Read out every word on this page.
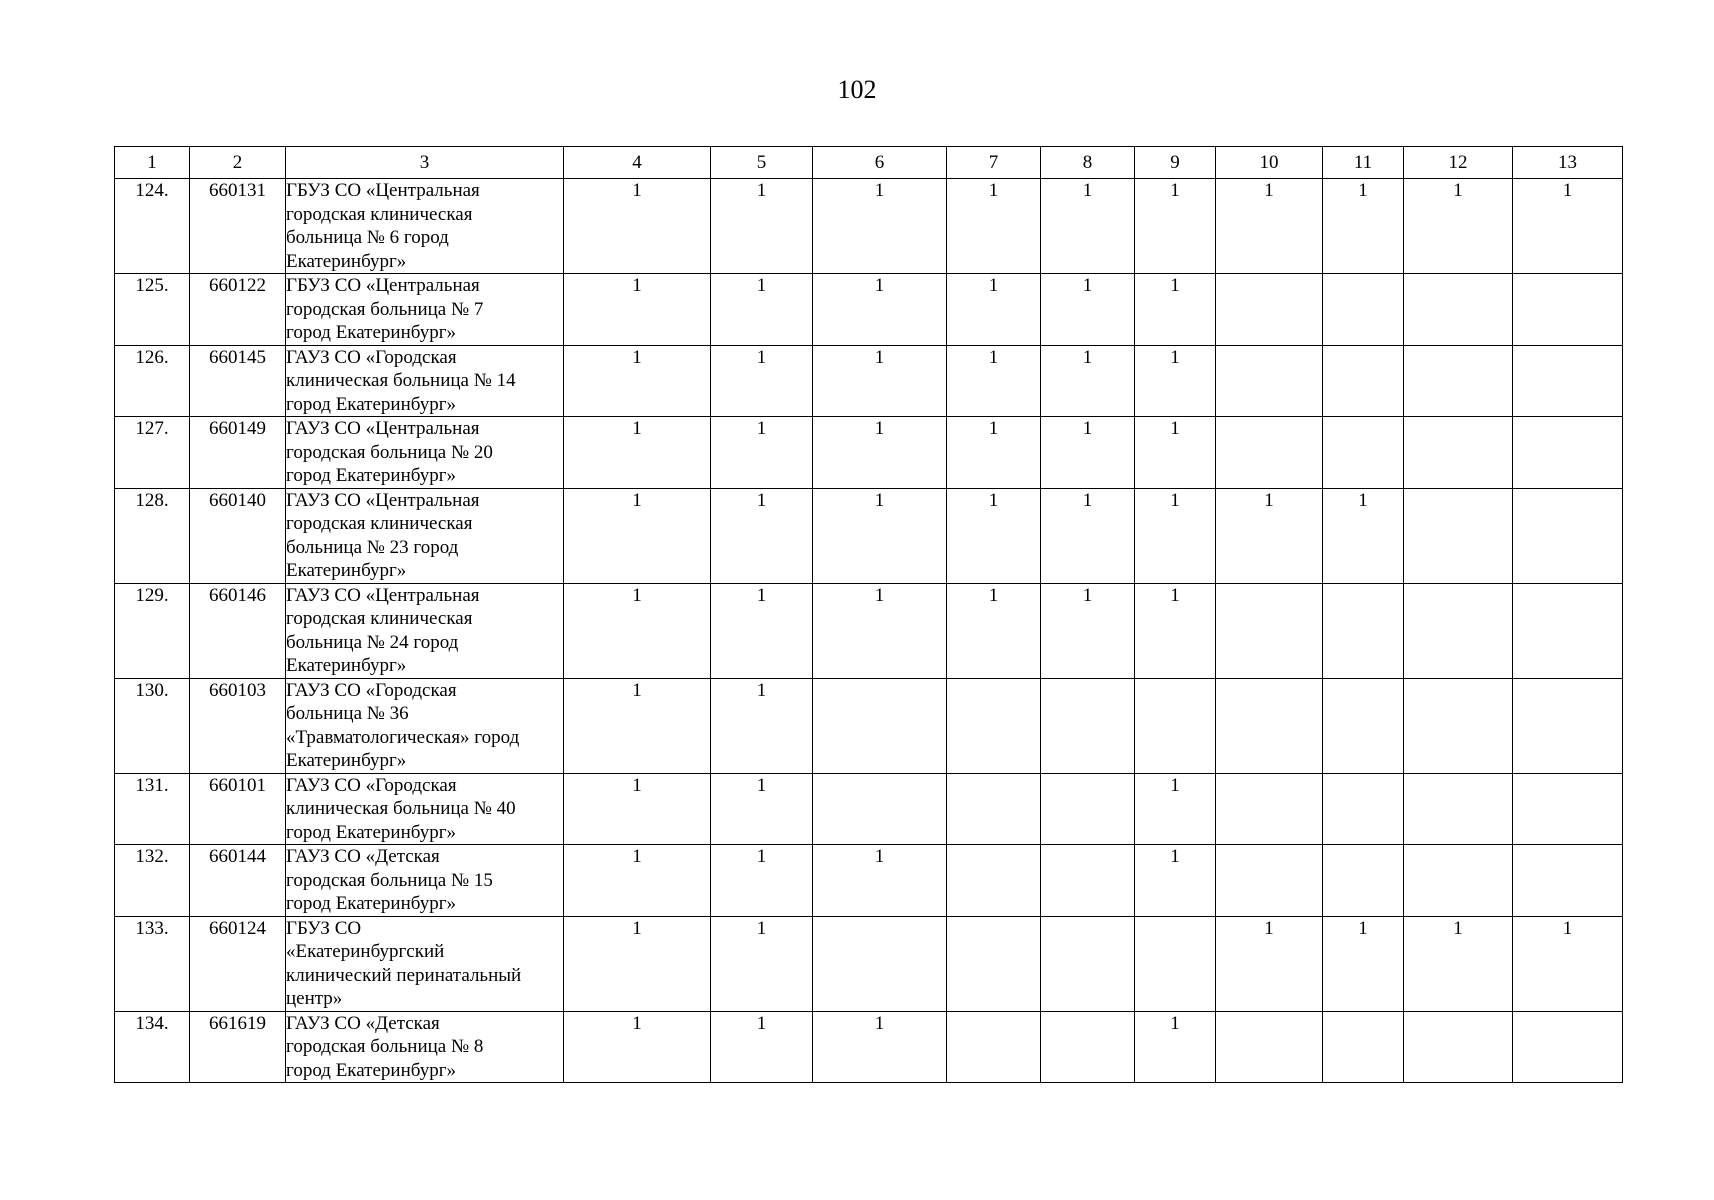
102
1	2	3	4	5	6	7	8	9	10	11	12	13
124.	660131	ГБУЗ СО «Центральная
городская клиническая
больница № 6 город
Екатеринбург»	1	1	1	1	1	1	1	1	1	1
125.	660122	ГБУЗ СО «Центральная
городская больница № 7
город Екатеринбург»	1	1	1	1	1	1				
126.	660145	ГАУЗ СО «Городская
клиническая больница № 14
город Екатеринбург»	1	1	1	1	1	1				
127.	660149	ГАУЗ СО «Центральная
городская больница № 20
город Екатеринбург»	1	1	1	1	1	1				
128.	660140	ГАУЗ СО «Центральная
городская клиническая
больница № 23 город
Екатеринбург»	1	1	1	1	1	1	1	1		
129.	660146	ГАУЗ СО «Центральная
городская клиническая
больница № 24 город
Екатеринбург»	1	1	1	1	1	1				
130.	660103	ГАУЗ СО «Городская
больница № 36
«Травматологическая» город
Екатеринбург»	1	1								
131.	660101	ГАУЗ СО «Городская
клиническая больница № 40
город Екатеринбург»	1	1				1				
132.	660144	ГАУЗ СО «Детская
городская больница № 15
город Екатеринбург»	1	1	1			1				
133.	660124	ГБУЗ СО
«Екатеринбургский
клинический перинатальный
центр»	1	1					1	1	1	1
134.	661619	ГАУЗ СО «Детская
городская больница № 8
город Екатеринбург»	1	1	1			1				
